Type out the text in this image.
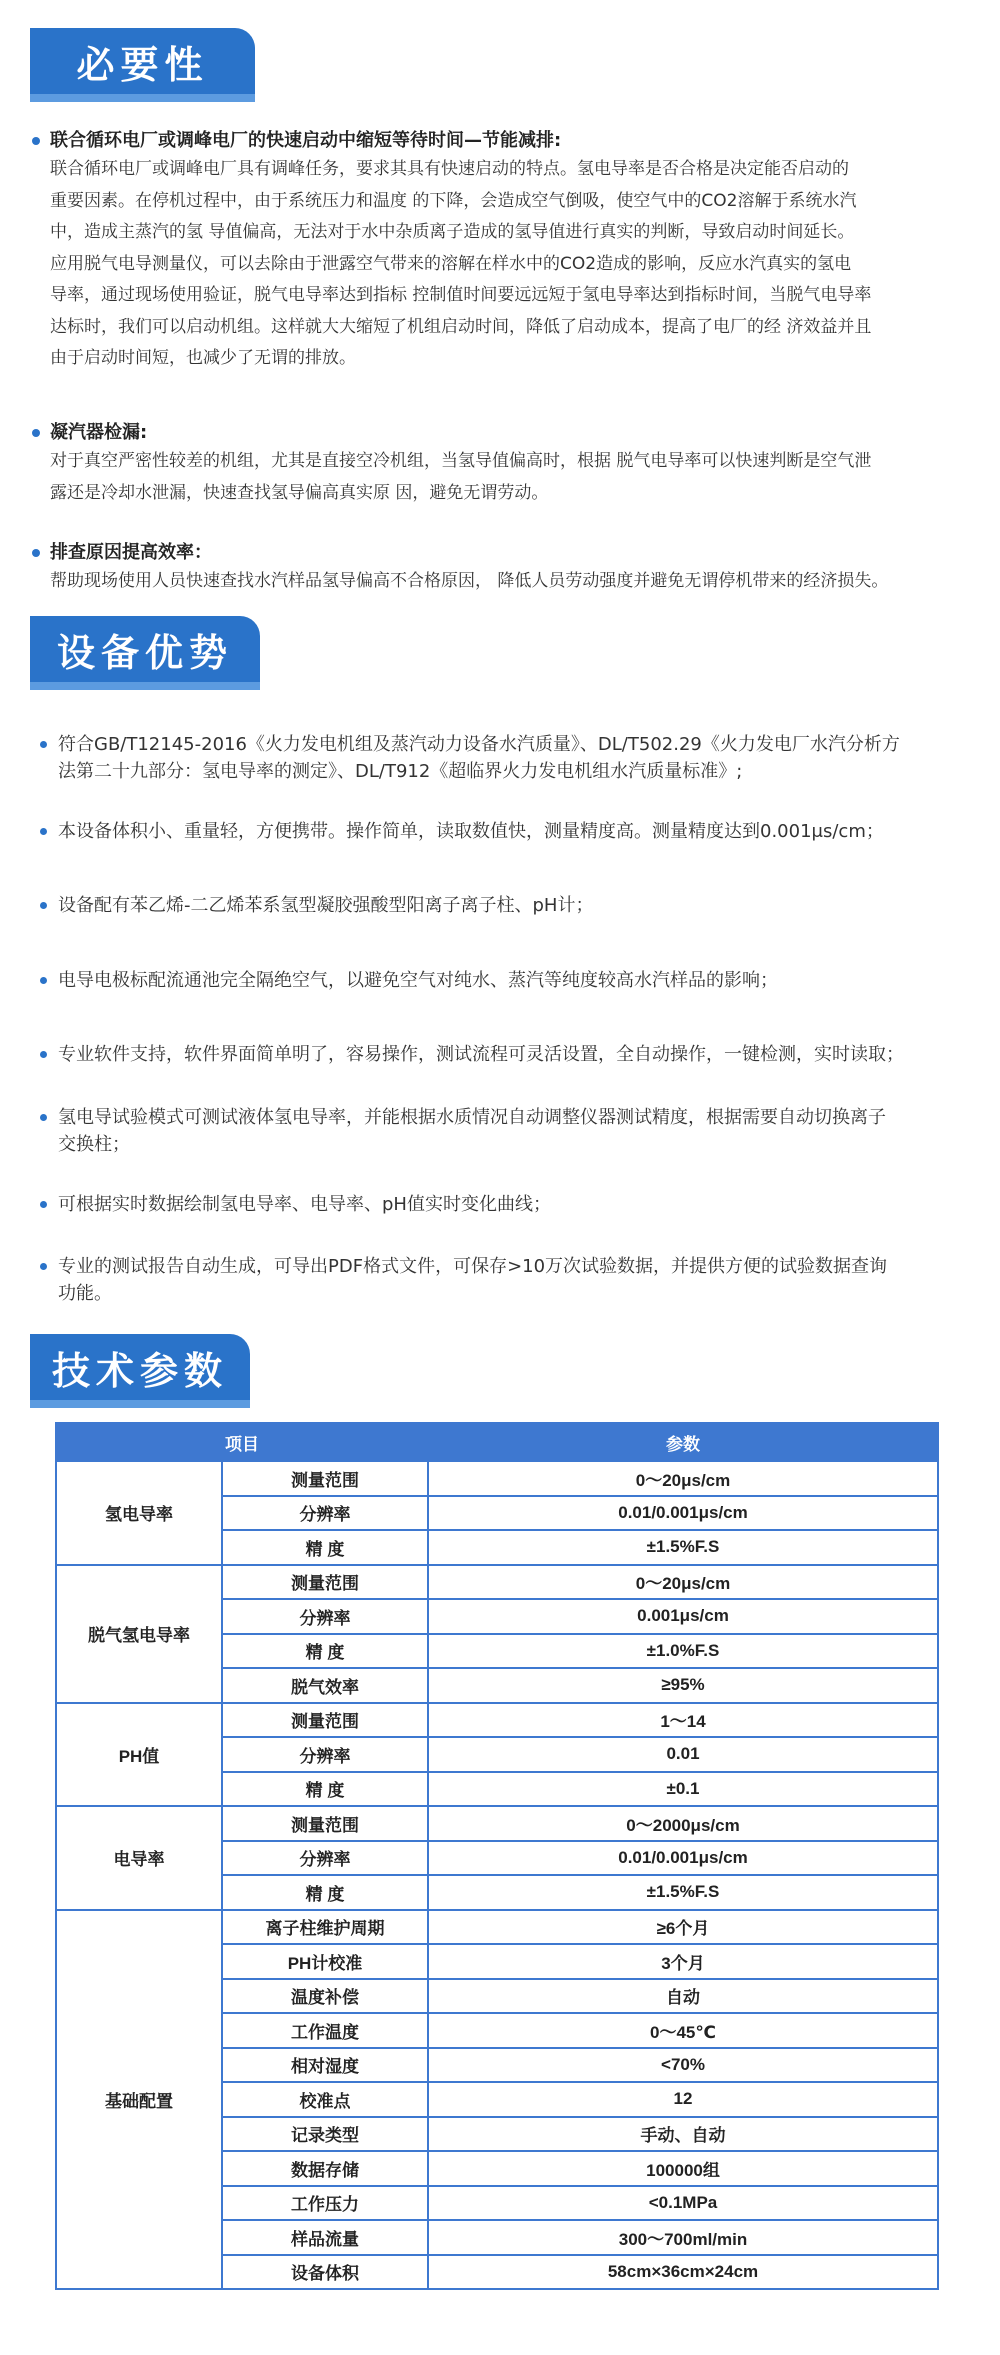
必要性
联合循环电厂或调峰电厂的快速启动中缩短等待时间—节能减排:
联合循环电厂或调峰电厂具有调峰任务，要求其具有快速启动的特点。氢电导率是否合格是决定能否启动的
重要因素。在停机过程中，由于系统压力和温度 的下降，会造成空气倒吸，使空气中的CO2溶解于系统水汽
中，造成主蒸汽的氢 导值偏高，无法对于水中杂质离子造成的氢导值进行真实的判断，导致启动时间延长。
应用脱气电导测量仪，可以去除由于泄露空气带来的溶解在样水中的CO2造成的影响，反应水汽真实的氢电
导率，通过现场使用验证，脱气电导率达到指标 控制值时间要远远短于氢电导率达到指标时间，当脱气电导率
达标时，我们可以启动机组。这样就大大缩短了机组启动时间，降低了启动成本，提高了电厂的经 济效益并且
由于启动时间短，也减少了无谓的排放。
凝汽器检漏:
对于真空严密性较差的机组，尤其是直接空冷机组，当氢导值偏高时，根据 脱气电导率可以快速判断是空气泄
露还是冷却水泄漏，快速查找氢导偏高真实原 因，避免无谓劳动。
排查原因提高效率：
帮助现场使用人员快速查找水汽样品氢导偏高不合格原因， 降低人员劳动强度并避免无谓停机带来的经济损失。
设备优势
符合GB/T12145-2016《火力发电机组及蒸汽动力设备水汽质量》、DL/T502.29《火力发电厂水汽分析方
法第二十九部分：氢电导率的测定》、DL/T912《超临界火力发电机组水汽质量标准》;
本设备体积小、重量轻，方便携带。操作简单，读取数值快，测量精度高。测量精度达到0.001μs/cm；
设备配有苯乙烯-二乙烯苯系氢型凝胶强酸型阳离子离子柱、pH计；
电导电极标配流通池完全隔绝空气，以避免空气对纯水、蒸汽等纯度较高水汽样品的影响；
专业软件支持，软件界面简单明了，容易操作，测试流程可灵活设置，全自动操作，一键检测，实时读取；
氢电导试验模式可测试液体氢电导率，并能根据水质情况自动调整仪器测试精度，根据需要自动切换离子
交换柱；
可根据实时数据绘制氢电导率、电导率、pH值实时变化曲线；
专业的测试报告自动生成，可导出PDF格式文件，可保存>10万次试验数据，并提供方便的试验数据查询
功能。
技术参数
项目		参数
氢电导率	测量范围	0～20μs/cm
	分辨率	0.01/0.001μs/cm
	精 度	±1.5%F.S
脱气氢电导率	测量范围	0～20μs/cm
	分辨率	0.001μs/cm
	精 度	±1.0%F.S
	脱气效率	≥95%
PH值	测量范围	1～14
	分辨率	0.01
	精 度	±0.1
电导率	测量范围	0～2000μs/cm
	分辨率	0.01/0.001μs/cm
	精 度	±1.5%F.S
基础配置	离子柱维护周期	≥6个月
	PH计校准	3个月
	温度补偿	自动
	工作温度	0～45℃
	相对湿度	<70%
	校准点	12
	记录类型	手动、自动
	数据存储	100000组
	工作压力	<0.1MPa
	样品流量	300～700ml/min
	设备体积	58cm×36cm×24cm
